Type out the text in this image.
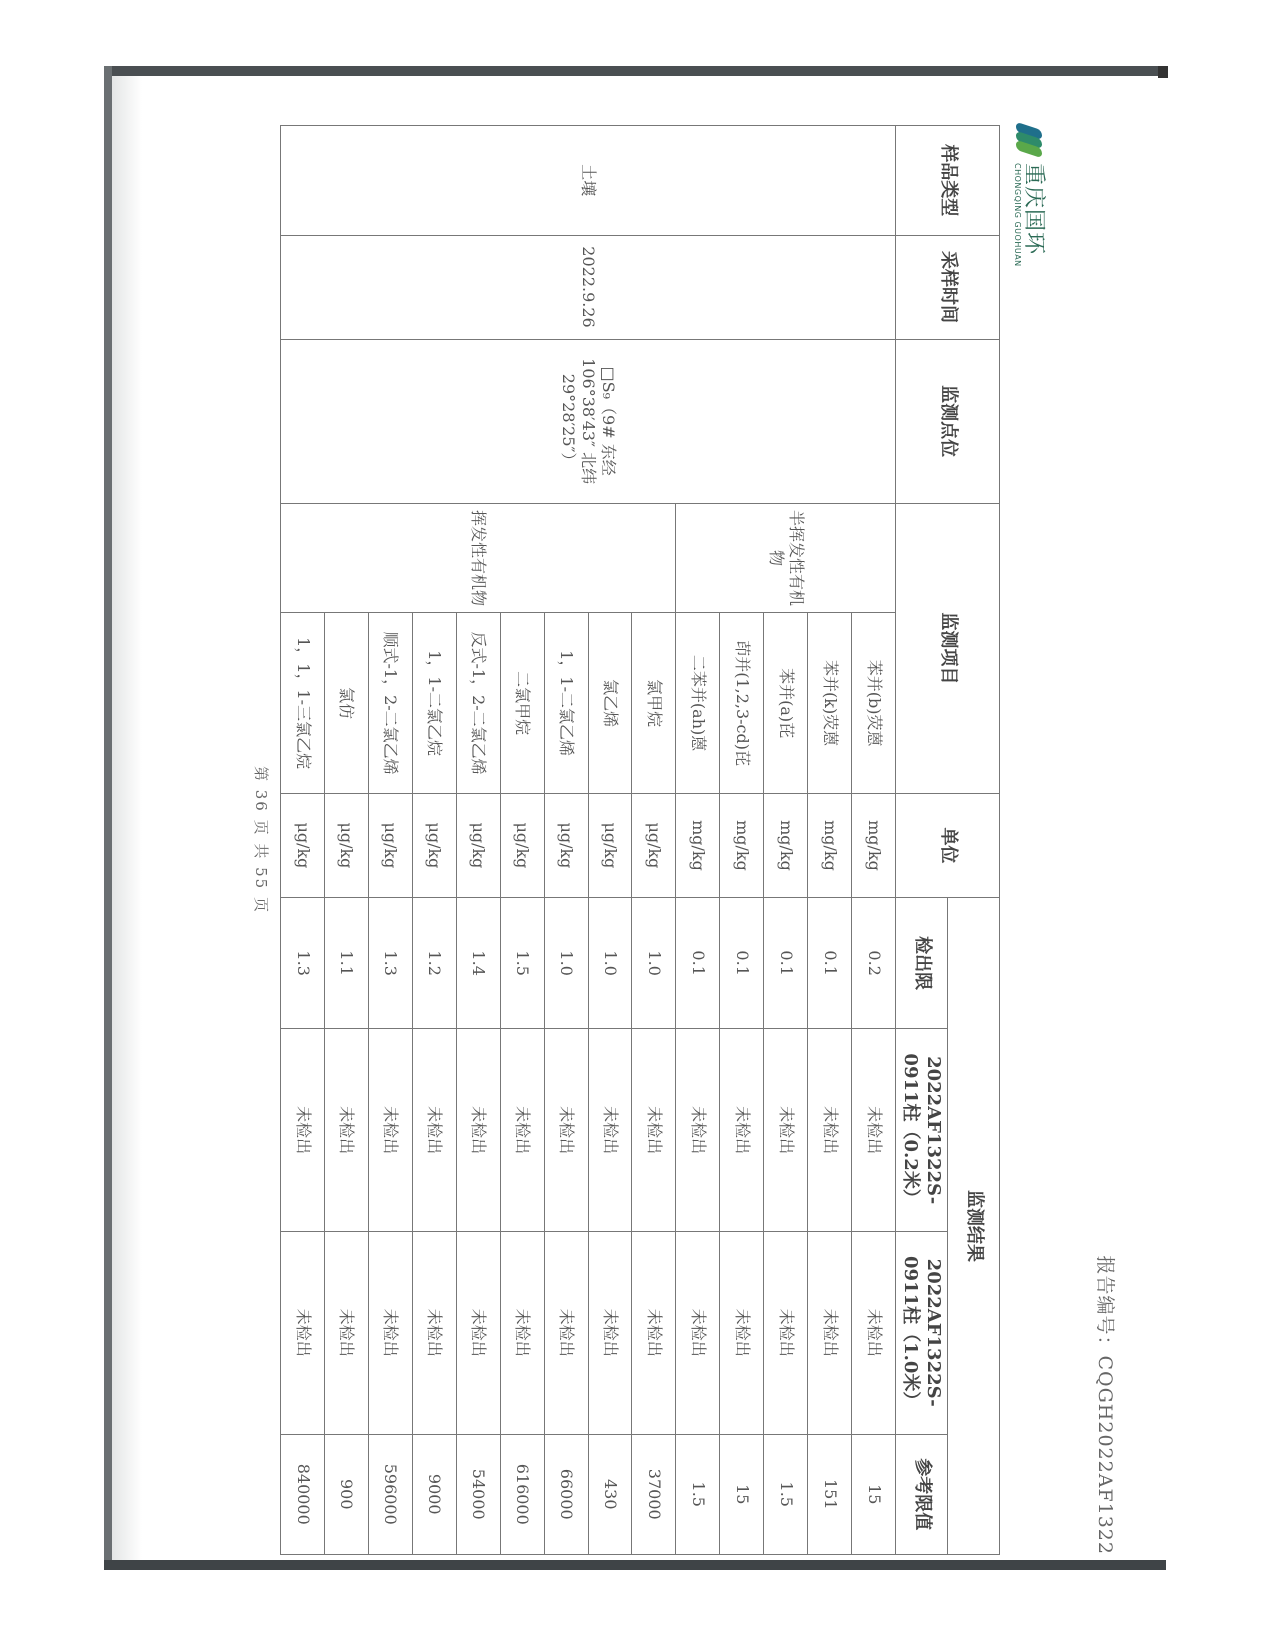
重庆国环
CHONGQING GUOHUAN
报告编号：CQGH2022AF1322
样品类型	采样时间	监测点位	监测项目		单位	监测结果			
						检出限	2022AF1322S-0911柱（0.2米）	2022AF1322S-0911柱（1.0米）	参考限值
土壤	2022.9.26	□S₉（9# 东经 106°38′43″ 北纬 29°28′25″）	半挥发性有机物	苯并(b)荧蒽	mg/kg	0.2	未检出	未检出	15
				苯并(k)荧蒽	mg/kg	0.1	未检出	未检出	151
				苯并(a)芘	mg/kg	0.1	未检出	未检出	1.5
				茚并(1,2,3-cd)芘	mg/kg	0.1	未检出	未检出	15
				二苯并(ah)蒽	mg/kg	0.1	未检出	未检出	1.5
			挥发性有机物	氯甲烷	μg/kg	1.0	未检出	未检出	37000
				氯乙烯	μg/kg	1.0	未检出	未检出	430
				1，1-二氯乙烯	μg/kg	1.0	未检出	未检出	66000
				二氯甲烷	μg/kg	1.5	未检出	未检出	616000
				反式-1，2-二氯乙烯	μg/kg	1.4	未检出	未检出	54000
				1，1-二氯乙烷	μg/kg	1.2	未检出	未检出	9000
				顺式-1，2-二氯乙烯	μg/kg	1.3	未检出	未检出	596000
				氯仿	μg/kg	1.1	未检出	未检出	900
				1，1，1-三氯乙烷	μg/kg	1.3	未检出	未检出	840000
第 36 页 共 55 页
